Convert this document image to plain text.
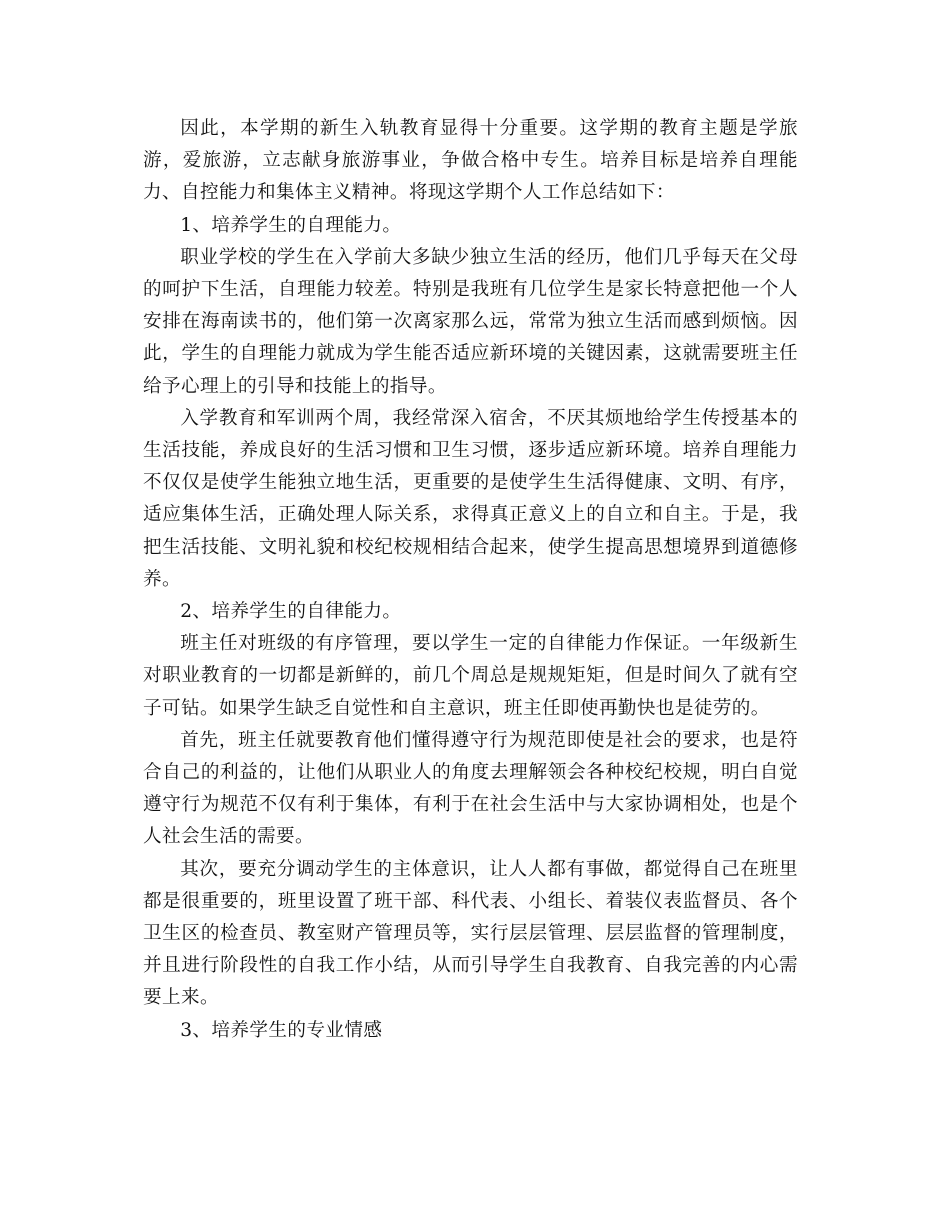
因此，本学期的新生入轨教育显得十分重要。这学期的教育主题是学旅游，爱旅游，立志献身旅游事业，争做合格中专生。培养目标是培养自理能力、自控能力和集体主义精神。将现这学期个人工作总结如下：

1、培养学生的自理能力。

职业学校的学生在入学前大多缺少独立生活的经历，他们几乎每天在父母的呵护下生活，自理能力较差。特别是我班有几位学生是家长特意把他一个人安排在海南读书的，他们第一次离家那么远，常常为独立生活而感到烦恼。因此，学生的自理能力就成为学生能否适应新环境的关键因素，这就需要班主任给予心理上的引导和技能上的指导。

入学教育和军训两个周，我经常深入宿舍，不厌其烦地给学生传授基本的生活技能，养成良好的生活习惯和卫生习惯，逐步适应新环境。培养自理能力不仅仅是使学生能独立地生活，更重要的是使学生生活得健康、文明、有序，适应集体生活，正确处理人际关系，求得真正意义上的自立和自主。于是，我把生活技能、文明礼貌和校纪校规相结合起来，使学生提高思想境界到道德修养。

2、培养学生的自律能力。

班主任对班级的有序管理，要以学生一定的自律能力作保证。一年级新生对职业教育的一切都是新鲜的，前几个周总是规规矩矩，但是时间久了就有空子可钻。如果学生缺乏自觉性和自主意识，班主任即使再勤快也是徒劳的。

首先，班主任就要教育他们懂得遵守行为规范即使是社会的要求，也是符合自己的利益的，让他们从职业人的角度去理解领会各种校纪校规，明白自觉遵守行为规范不仅有利于集体，有利于在社会生活中与大家协调相处，也是个人社会生活的需要。

其次，要充分调动学生的主体意识，让人人都有事做，都觉得自己在班里都是很重要的，班里设置了班干部、科代表、小组长、着装仪表监督员、各个卫生区的检查员、教室财产管理员等，实行层层管理、层层监督的管理制度，并且进行阶段性的自我工作小结，从而引导学生自我教育、自我完善的内心需要上来。

3、培养学生的专业情感
